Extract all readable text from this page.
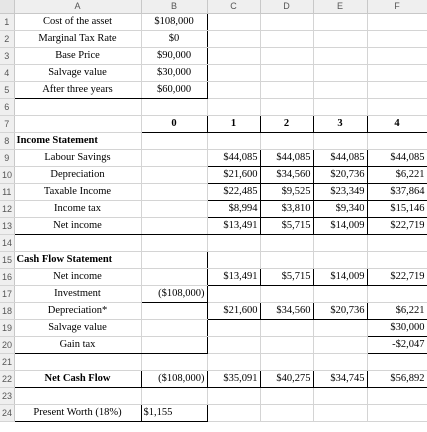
	A	B	C	D	E	F
1	Cost of the asset	$108,000				
2	Marginal Tax Rate	$0				
3	Base Price	$90,000				
4	Salvage value	$30,000				
5	After three years	$60,000				
6						
7		0	1	2	3	4
8	Income Statement					
9	Labour Savings		$44,085	$44,085	$44,085	$44,085
10	Depreciation		$21,600	$34,560	$20,736	$6,221
11	Taxable Income		$22,485	$9,525	$23,349	$37,864
12	Income tax		$8,994	$3,810	$9,340	$15,146
13	Net income		$13,491	$5,715	$14,009	$22,719
14						
15	Cash Flow Statement					
16	Net income		$13,491	$5,715	$14,009	$22,719
17	Investment	($108,000)				
18	Depreciation*		$21,600	$34,560	$20,736	$6,221
19	Salvage value					$30,000
20	Gain tax					-$2,047
21						
22	Net Cash Flow	($108,000)	$35,091	$40,275	$34,745	$56,892
23						
24	Present Worth (18%)	$1,155				
